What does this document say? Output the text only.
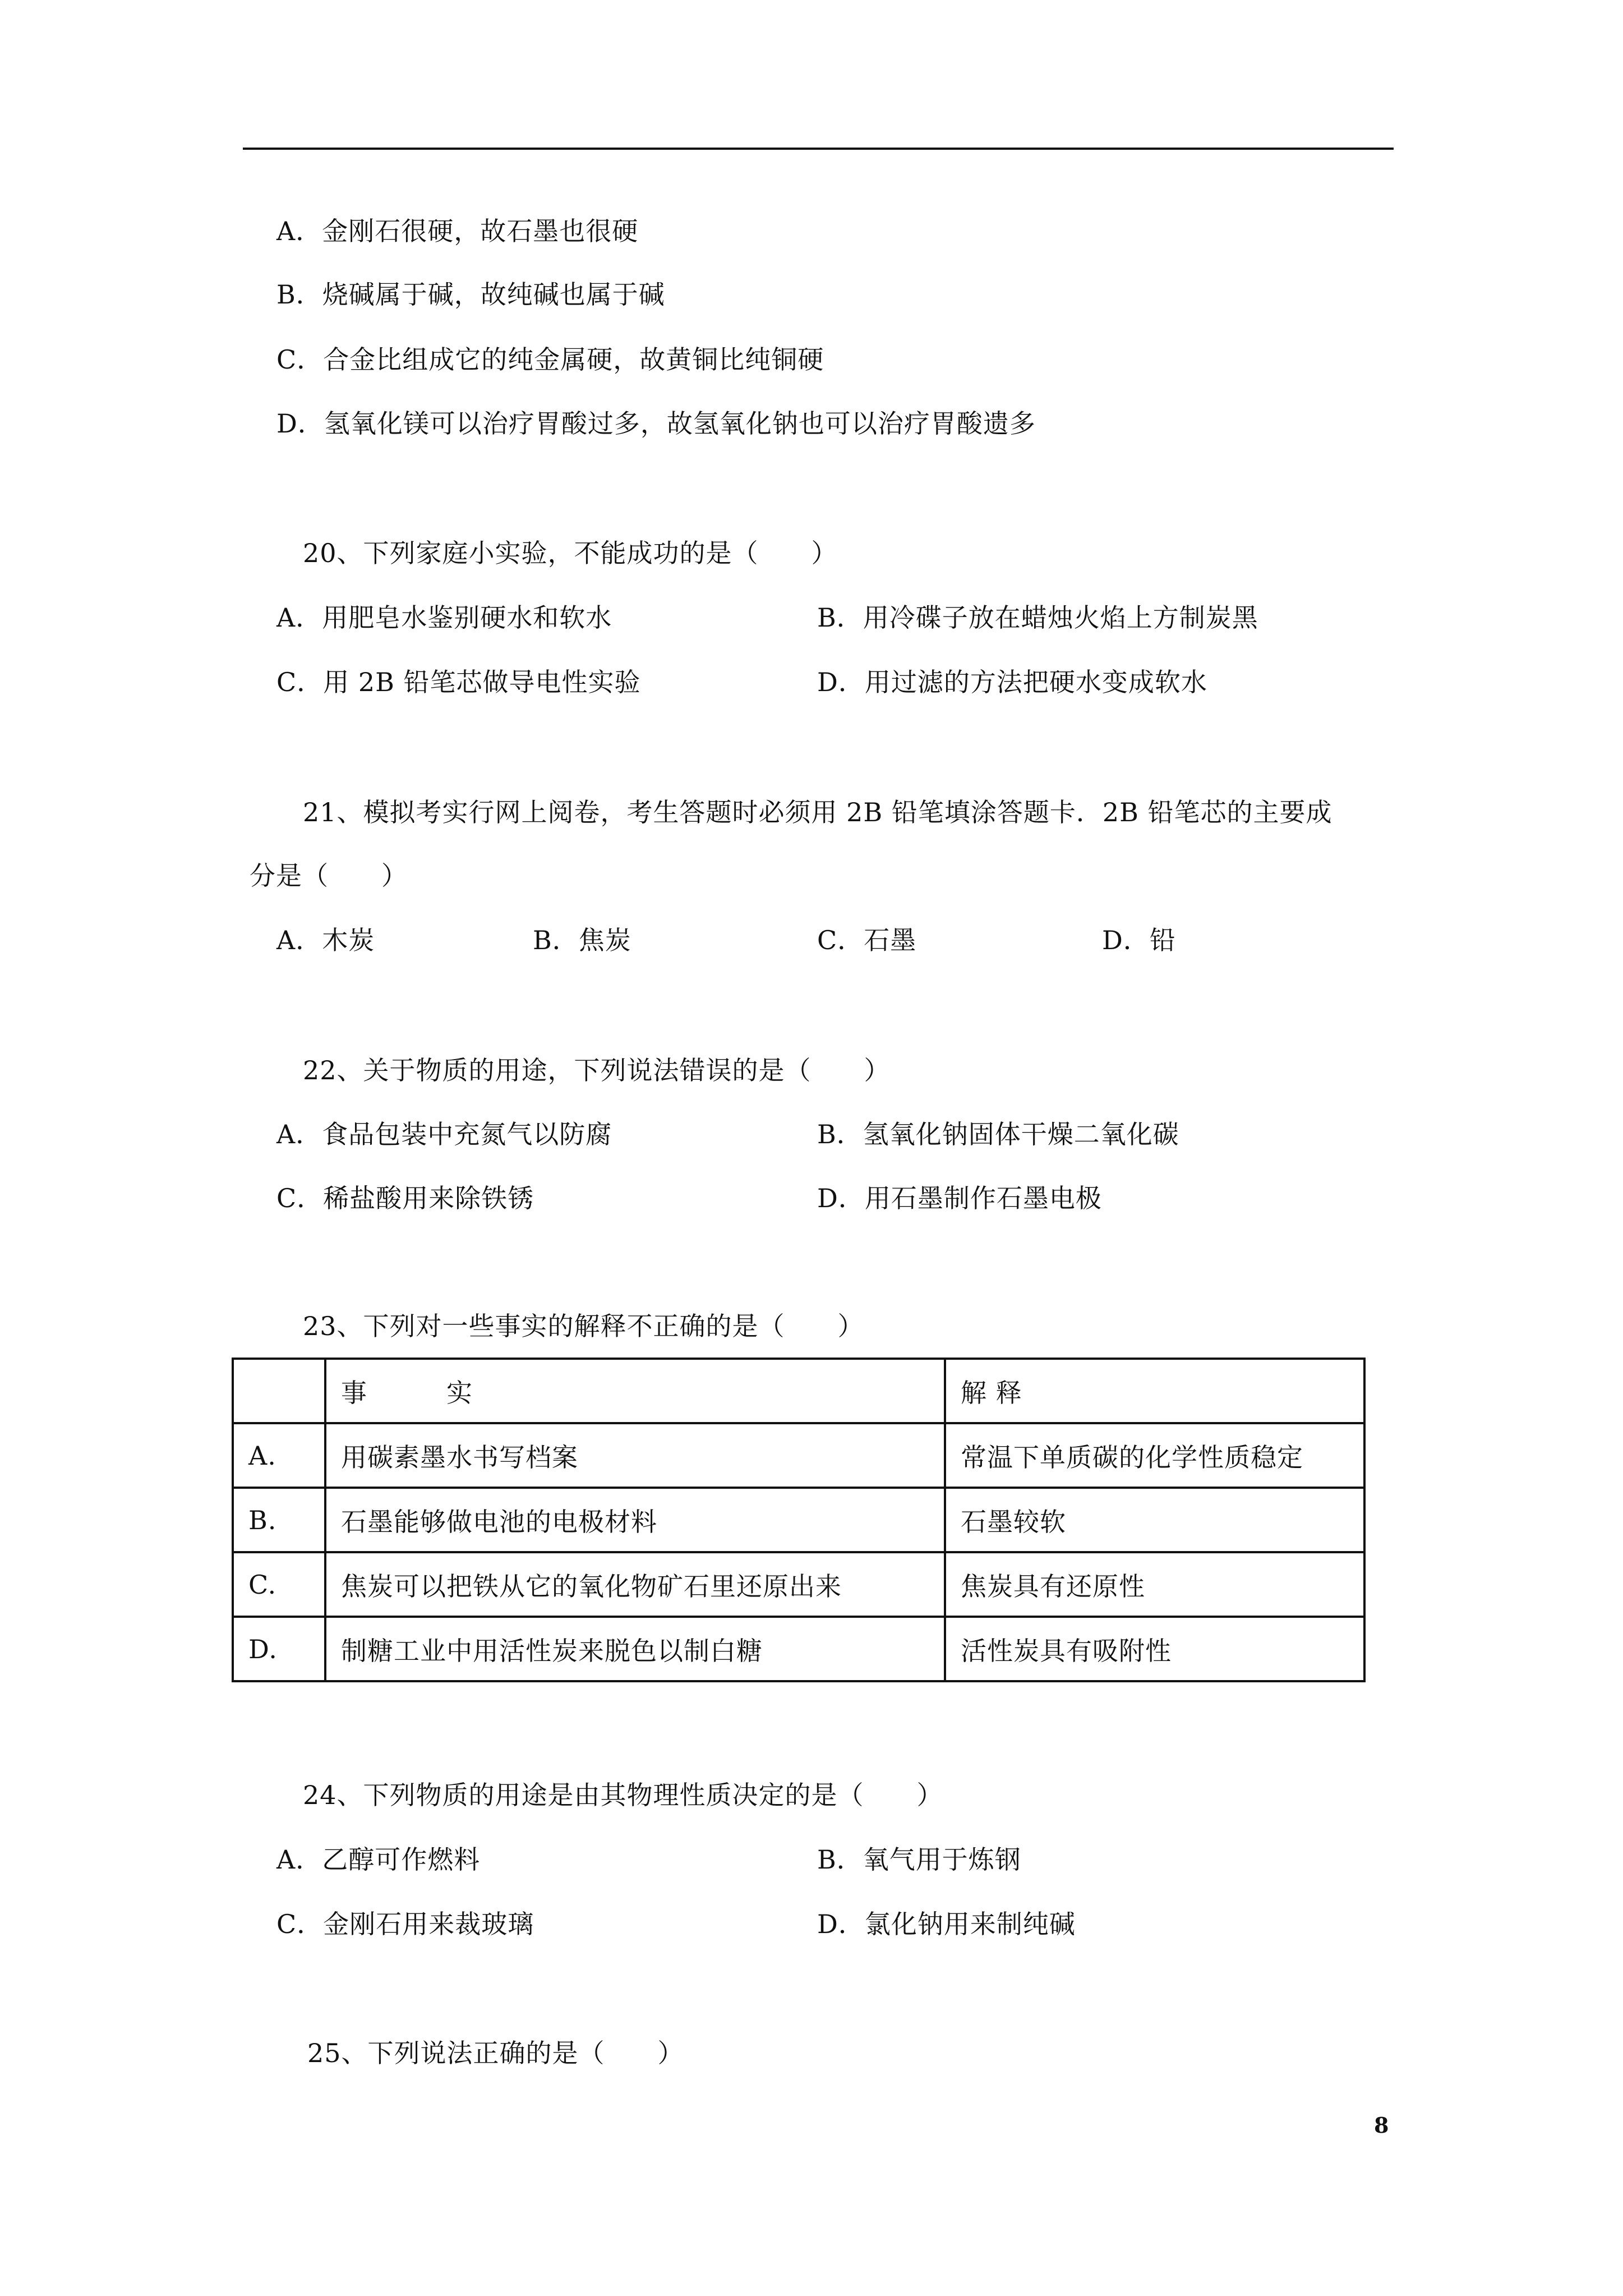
A．金刚石很硬，故石墨也很硬
B．烧碱属于碱，故纯碱也属于碱
C．合金比组成它的纯金属硬，故黄铜比纯铜硬
D．氢氧化镁可以治疗胃酸过多，故氢氧化钠也可以治疗胃酸遗多
20、下列家庭小实验，不能成功的是（　　）
A．用肥皂水鉴别硬水和软水	B．用冷碟子放在蜡烛火焰上方制炭黑
C．用 2B 铅笔芯做导电性实验	D．用过滤的方法把硬水变成软水
21、模拟考实行网上阅卷，考生答题时必须用 2B 铅笔填涂答题卡．2B 铅笔芯的主要成
分是（　　）
A．木炭	B．焦炭	C．石墨	D．铅
22、关于物质的用途，下列说法错误的是（　　）
A．食品包装中充氮气以防腐	B．氢氧化钠固体干燥二氧化碳
C．稀盐酸用来除铁锈	D．用石墨制作石墨电极
23、下列对一些事实的解释不正确的是（　　）
	事　　　实	解 释
A.	用碳素墨水书写档案	常温下单质碳的化学性质稳定
B.	石墨能够做电池的电极材料	石墨较软
C.	焦炭可以把铁从它的氧化物矿石里还原出来	焦炭具有还原性
D.	制糖工业中用活性炭来脱色以制白糖	活性炭具有吸附性
24、下列物质的用途是由其物理性质决定的是（　　）
A．乙醇可作燃料	B．氧气用于炼钢
C．金刚石用来裁玻璃	D．氯化钠用来制纯碱
25、下列说法正确的是（　　）
8
